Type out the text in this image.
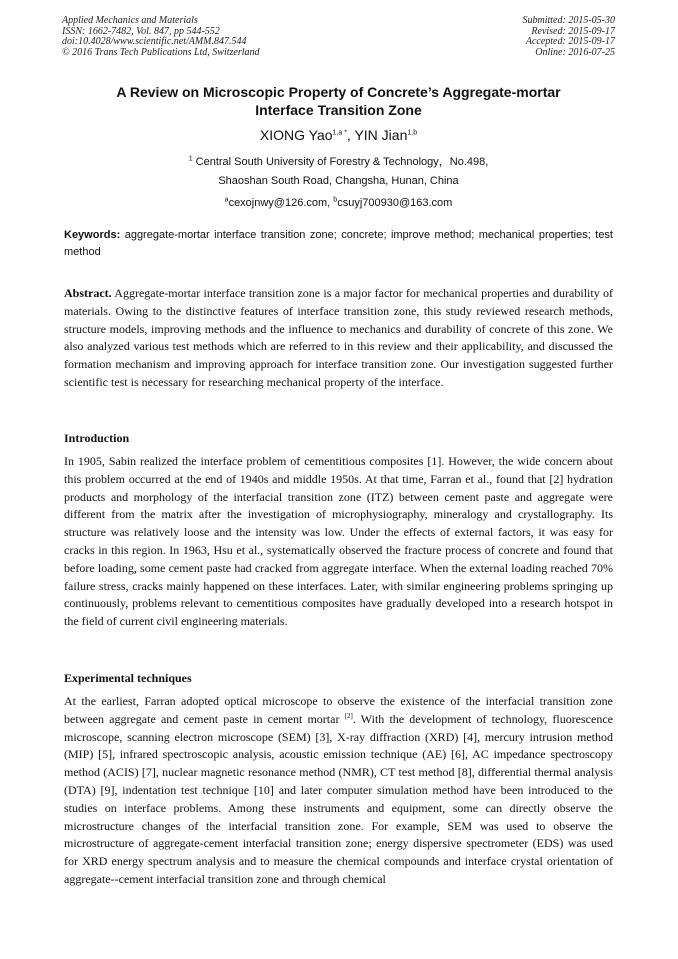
Applied Mechanics and Materials
ISSN: 1662-7482, Vol. 847, pp 544-552
doi:10.4028/www.scientific.net/AMM.847.544
© 2016 Trans Tech Publications Ltd, Switzerland
Submitted: 2015-05-30
Revised: 2015-09-17
Accepted: 2015-09-17
Online: 2016-07-25
A Review on Microscopic Property of Concrete’s Aggregate-mortar
Interface Transition Zone
XIONG Yao$^{1,a *}$, YIN Jian$^{1,b}$
$^1$ Central South University of Forestry & Technology，No.498,
Shaoshan South Road, Changsha, Hunan, China
$^a$cexojnwy@126.com, $^b$csuyj700930@163.com

Keywords: aggregate-mortar interface transition zone; concrete; improve method; mechanical properties; test method

Abstract. Aggregate-mortar interface transition zone is a major factor for mechanical properties and durability of materials. Owing to the distinctive features of interface transition zone, this study reviewed research methods, structure models, improving methods and the influence to mechanics and durability of concrete of this zone. We also analyzed various test methods which are referred to in this review and their applicability, and discussed the formation mechanism and improving approach for interface transition zone. Our investigation suggested further scientific test is necessary for researching mechanical property of the interface.

Introduction

In 1905, Sabin realized the interface problem of cementitious composites [1]. However, the wide concern about this problem occurred at the end of 1940s and middle 1950s. At that time, Farran et al., found that [2] hydration products and morphology of the interfacial transition zone (ITZ) between cement paste and aggregate were different from the matrix after the investigation of microphysiography, mineralogy and crystallography. Its structure was relatively loose and the intensity was low. Under the effects of external factors, it was easy for cracks in this region. In 1963, Hsu et al., systematically observed the fracture process of concrete and found that before loading, some cement paste had cracked from aggregate interface. When the external loading reached 70% failure stress, cracks mainly happened on these interfaces. Later, with similar engineering problems springing up continuously, problems relevant to cementitious composites have gradually developed into a research hotspot in the field of current civil engineering materials.

Experimental techniques

At the earliest, Farran adopted optical microscope to observe the existence of the interfacial transition zone between aggregate and cement paste in cement mortar [2]. With the development of technology, fluorescence microscope, scanning electron microscope (SEM) [3], X-ray diffraction (XRD) [4], mercury intrusion method (MIP) [5], infrared spectroscopic analysis, acoustic emission technique (AE) [6], AC impedance spectroscopy method (ACIS) [7], nuclear magnetic resonance method (NMR), CT test method [8], differential thermal analysis (DTA) [9], indentation test technique [10] and later computer simulation method have been introduced to the studies on interface problems. Among these instruments and equipment, some can directly observe the microstructure changes of the interfacial transition zone. For example, SEM was used to observe the microstructure of aggregate-cement interfacial transition zone; energy dispersive spectrometer (EDS) was used for XRD energy spectrum analysis and to measure the chemical compounds and interface crystal orientation of aggregate--cement interfacial transition zone and through chemical
